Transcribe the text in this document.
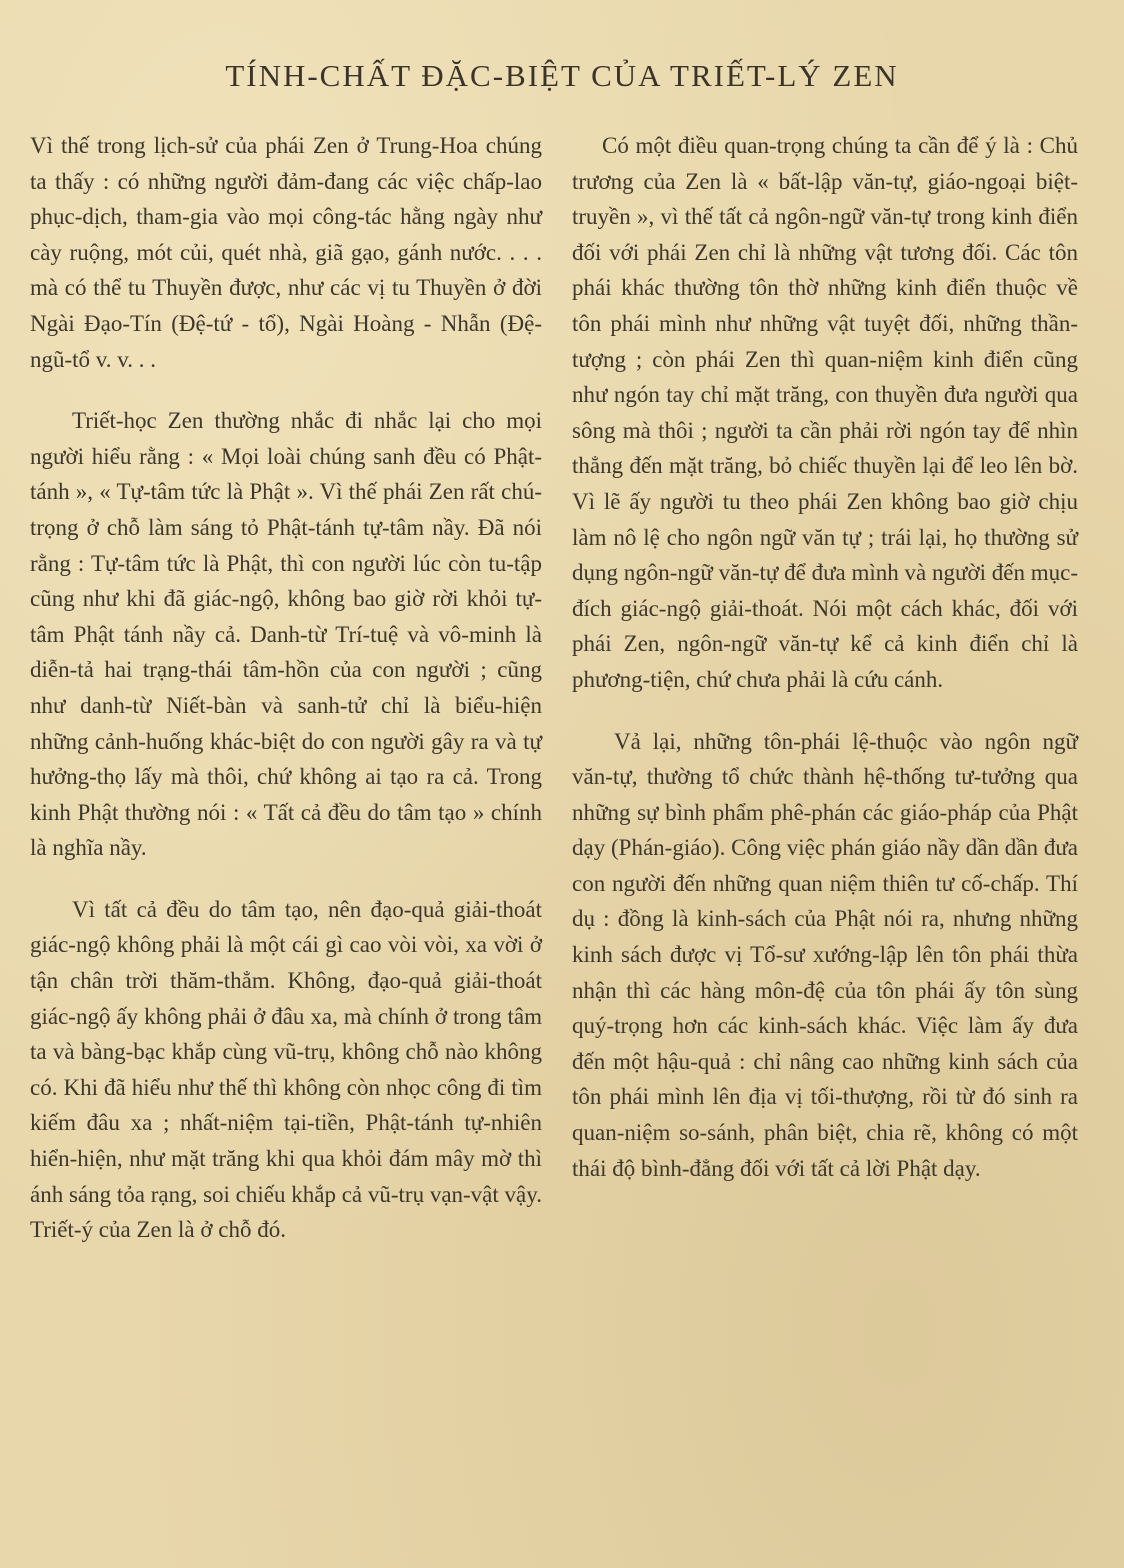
TÍNH-CHẤT ĐẶC-BIỆT CỦA TRIẾT-LÝ ZEN

Vì thế trong lịch-sử của phái Zen ở Trung-Hoa chúng ta thấy : có những người đảm-đang các việc chấp-lao phục-dịch, tham-gia vào mọi công-tác hằng ngày như cày ruộng, mót củi, quét nhà, giã gạo, gánh nước. . . . mà có thể tu Thuyền được, như các vị tu Thuyền ở đời Ngài Đạo-Tín (Đệ-tứ - tổ), Ngài Hoàng - Nhẫn (Đệ-ngũ-tổ v. v. . .

Triết-học Zen thường nhắc đi nhắc lại cho mọi người hiểu rằng : « Mọi loài chúng sanh đều có Phật-tánh », « Tự-tâm tức là Phật ». Vì thế phái Zen rất chú-trọng ở chỗ làm sáng tỏ Phật-tánh tự-tâm nầy. Đã nói rằng : Tự-tâm tức là Phật, thì con người lúc còn tu-tập cũng như khi đã giác-ngộ, không bao giờ rời khỏi tự-tâm Phật tánh nầy cả. Danh-từ Trí-tuệ và vô-minh là diễn-tả hai trạng-thái tâm-hồn của con người ; cũng như danh-từ Niết-bàn và sanh-tử chỉ là biểu-hiện những cảnh-huống khác-biệt do con người gây ra và tự hưởng-thọ lấy mà thôi, chứ không ai tạo ra cả. Trong kinh Phật thường nói : « Tất cả đều do tâm tạo » chính là nghĩa nầy.

Vì tất cả đều do tâm tạo, nên đạo-quả giải-thoát giác-ngộ không phải là một cái gì cao vòi vòi, xa vời ở tận chân trời thăm-thẳm. Không, đạo-quả giải-thoát giác-ngộ ấy không phải ở đâu xa, mà chính ở trong tâm ta và bàng-bạc khắp cùng vũ-trụ, không chỗ nào không có. Khi đã hiểu như thế thì không còn nhọc công đi tìm kiếm đâu xa ; nhất-niệm tại-tiền, Phật-tánh tự-nhiên hiển-hiện, như mặt trăng khi qua khỏi đám mây mờ thì ánh sáng tỏa rạng, soi chiếu khắp cả vũ-trụ vạn-vật vậy. Triết-ý của Zen là ở chỗ đó.

Có một điều quan-trọng chúng ta cần để ý là : Chủ trương của Zen là « bất-lập văn-tự, giáo-ngoại biệt-truyền », vì thế tất cả ngôn-ngữ văn-tự trong kinh điển đối với phái Zen chỉ là những vật tương đối. Các tôn phái khác thường tôn thờ những kinh điển thuộc về tôn phái mình như những vật tuyệt đối, những thần-tượng ; còn phái Zen thì quan-niệm kinh điển cũng như ngón tay chỉ mặt trăng, con thuyền đưa người qua sông mà thôi ; người ta cần phải rời ngón tay để nhìn thẳng đến mặt trăng, bỏ chiếc thuyền lại để leo lên bờ. Vì lẽ ấy người tu theo phái Zen không bao giờ chịu làm nô lệ cho ngôn ngữ văn tự ; trái lại, họ thường sử dụng ngôn-ngữ văn-tự để đưa mình và người đến mục-đích giác-ngộ giải-thoát. Nói một cách khác, đối với phái Zen, ngôn-ngữ văn-tự kể cả kinh điển chỉ là phương-tiện, chứ chưa phải là cứu cánh.

Vả lại, những tôn-phái lệ-thuộc vào ngôn ngữ văn-tự, thường tổ chức thành hệ-thống tư-tưởng qua những sự bình phẩm phê-phán các giáo-pháp của Phật dạy (Phán-giáo). Công việc phán giáo nầy dần dần đưa con người đến những quan niệm thiên tư cố-chấp. Thí dụ : đồng là kinh-sách của Phật nói ra, nhưng những kinh sách được vị Tổ-sư xướng-lập lên tôn phái thừa nhận thì các hàng môn-đệ của tôn phái ấy tôn sùng quý-trọng hơn các kinh-sách khác. Việc làm ấy đưa đến một hậu-quả : chỉ nâng cao những kinh sách của tôn phái mình lên địa vị tối-thượng, rồi từ đó sinh ra quan-niệm so-sánh, phân biệt, chia rẽ, không có một thái độ bình-đẳng đối với tất cả lời Phật dạy.
